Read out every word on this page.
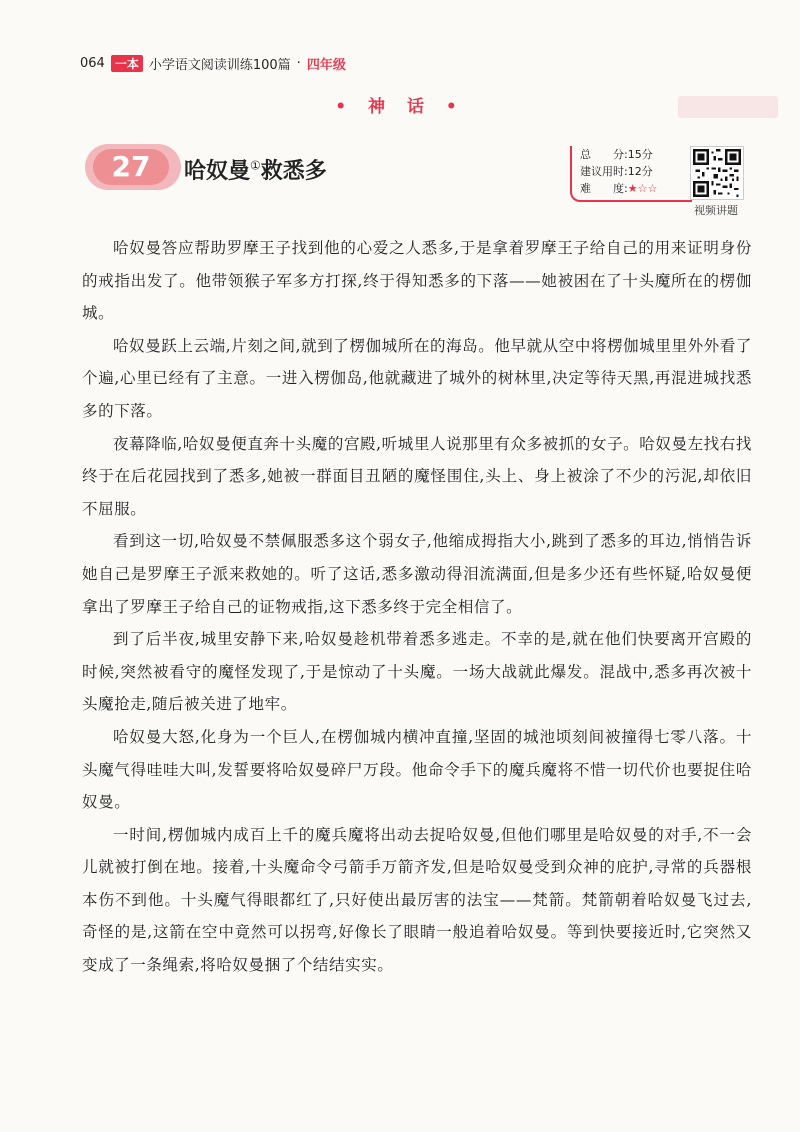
064 一本 小学语文阅读训练100篇 · 四年级
• 神 话 •
27	哈奴曼①救悉多
总　　分:15分
建议用时:12分
难　　度:★☆☆
视频讲题

哈奴曼答应帮助罗摩王子找到他的心爱之人悉多,于是拿着罗摩王子给自己的用来证明身份的戒指出发了。他带领猴子军多方打探,终于得知悉多的下落——她被困在了十头魔所在的楞伽城。

哈奴曼跃上云端,片刻之间,就到了楞伽城所在的海岛。他早就从空中将楞伽城里里外外看了个遍,心里已经有了主意。一进入楞伽岛,他就藏进了城外的树林里,决定等待天黑,再混进城找悉多的下落。

夜幕降临,哈奴曼便直奔十头魔的宫殿,听城里人说那里有众多被抓的女子。哈奴曼左找右找终于在后花园找到了悉多,她被一群面目丑陋的魔怪围住,头上、身上被涂了不少的污泥,却依旧不屈服。

看到这一切,哈奴曼不禁佩服悉多这个弱女子,他缩成拇指大小,跳到了悉多的耳边,悄悄告诉她自己是罗摩王子派来救她的。听了这话,悉多激动得泪流满面,但是多少还有些怀疑,哈奴曼便拿出了罗摩王子给自己的证物戒指,这下悉多终于完全相信了。

到了后半夜,城里安静下来,哈奴曼趁机带着悉多逃走。不幸的是,就在他们快要离开宫殿的时候,突然被看守的魔怪发现了,于是惊动了十头魔。一场大战就此爆发。混战中,悉多再次被十头魔抢走,随后被关进了地牢。

哈奴曼大怒,化身为一个巨人,在楞伽城内横冲直撞,坚固的城池顷刻间被撞得七零八落。十头魔气得哇哇大叫,发誓要将哈奴曼碎尸万段。他命令手下的魔兵魔将不惜一切代价也要捉住哈奴曼。

一时间,楞伽城内成百上千的魔兵魔将出动去捉哈奴曼,但他们哪里是哈奴曼的对手,不一会儿就被打倒在地。接着,十头魔命令弓箭手万箭齐发,但是哈奴曼受到众神的庇护,寻常的兵器根本伤不到他。十头魔气得眼都红了,只好使出最厉害的法宝——梵箭。梵箭朝着哈奴曼飞过去,奇怪的是,这箭在空中竟然可以拐弯,好像长了眼睛一般追着哈奴曼。等到快要接近时,它突然又变成了一条绳索,将哈奴曼捆了个结结实实。
